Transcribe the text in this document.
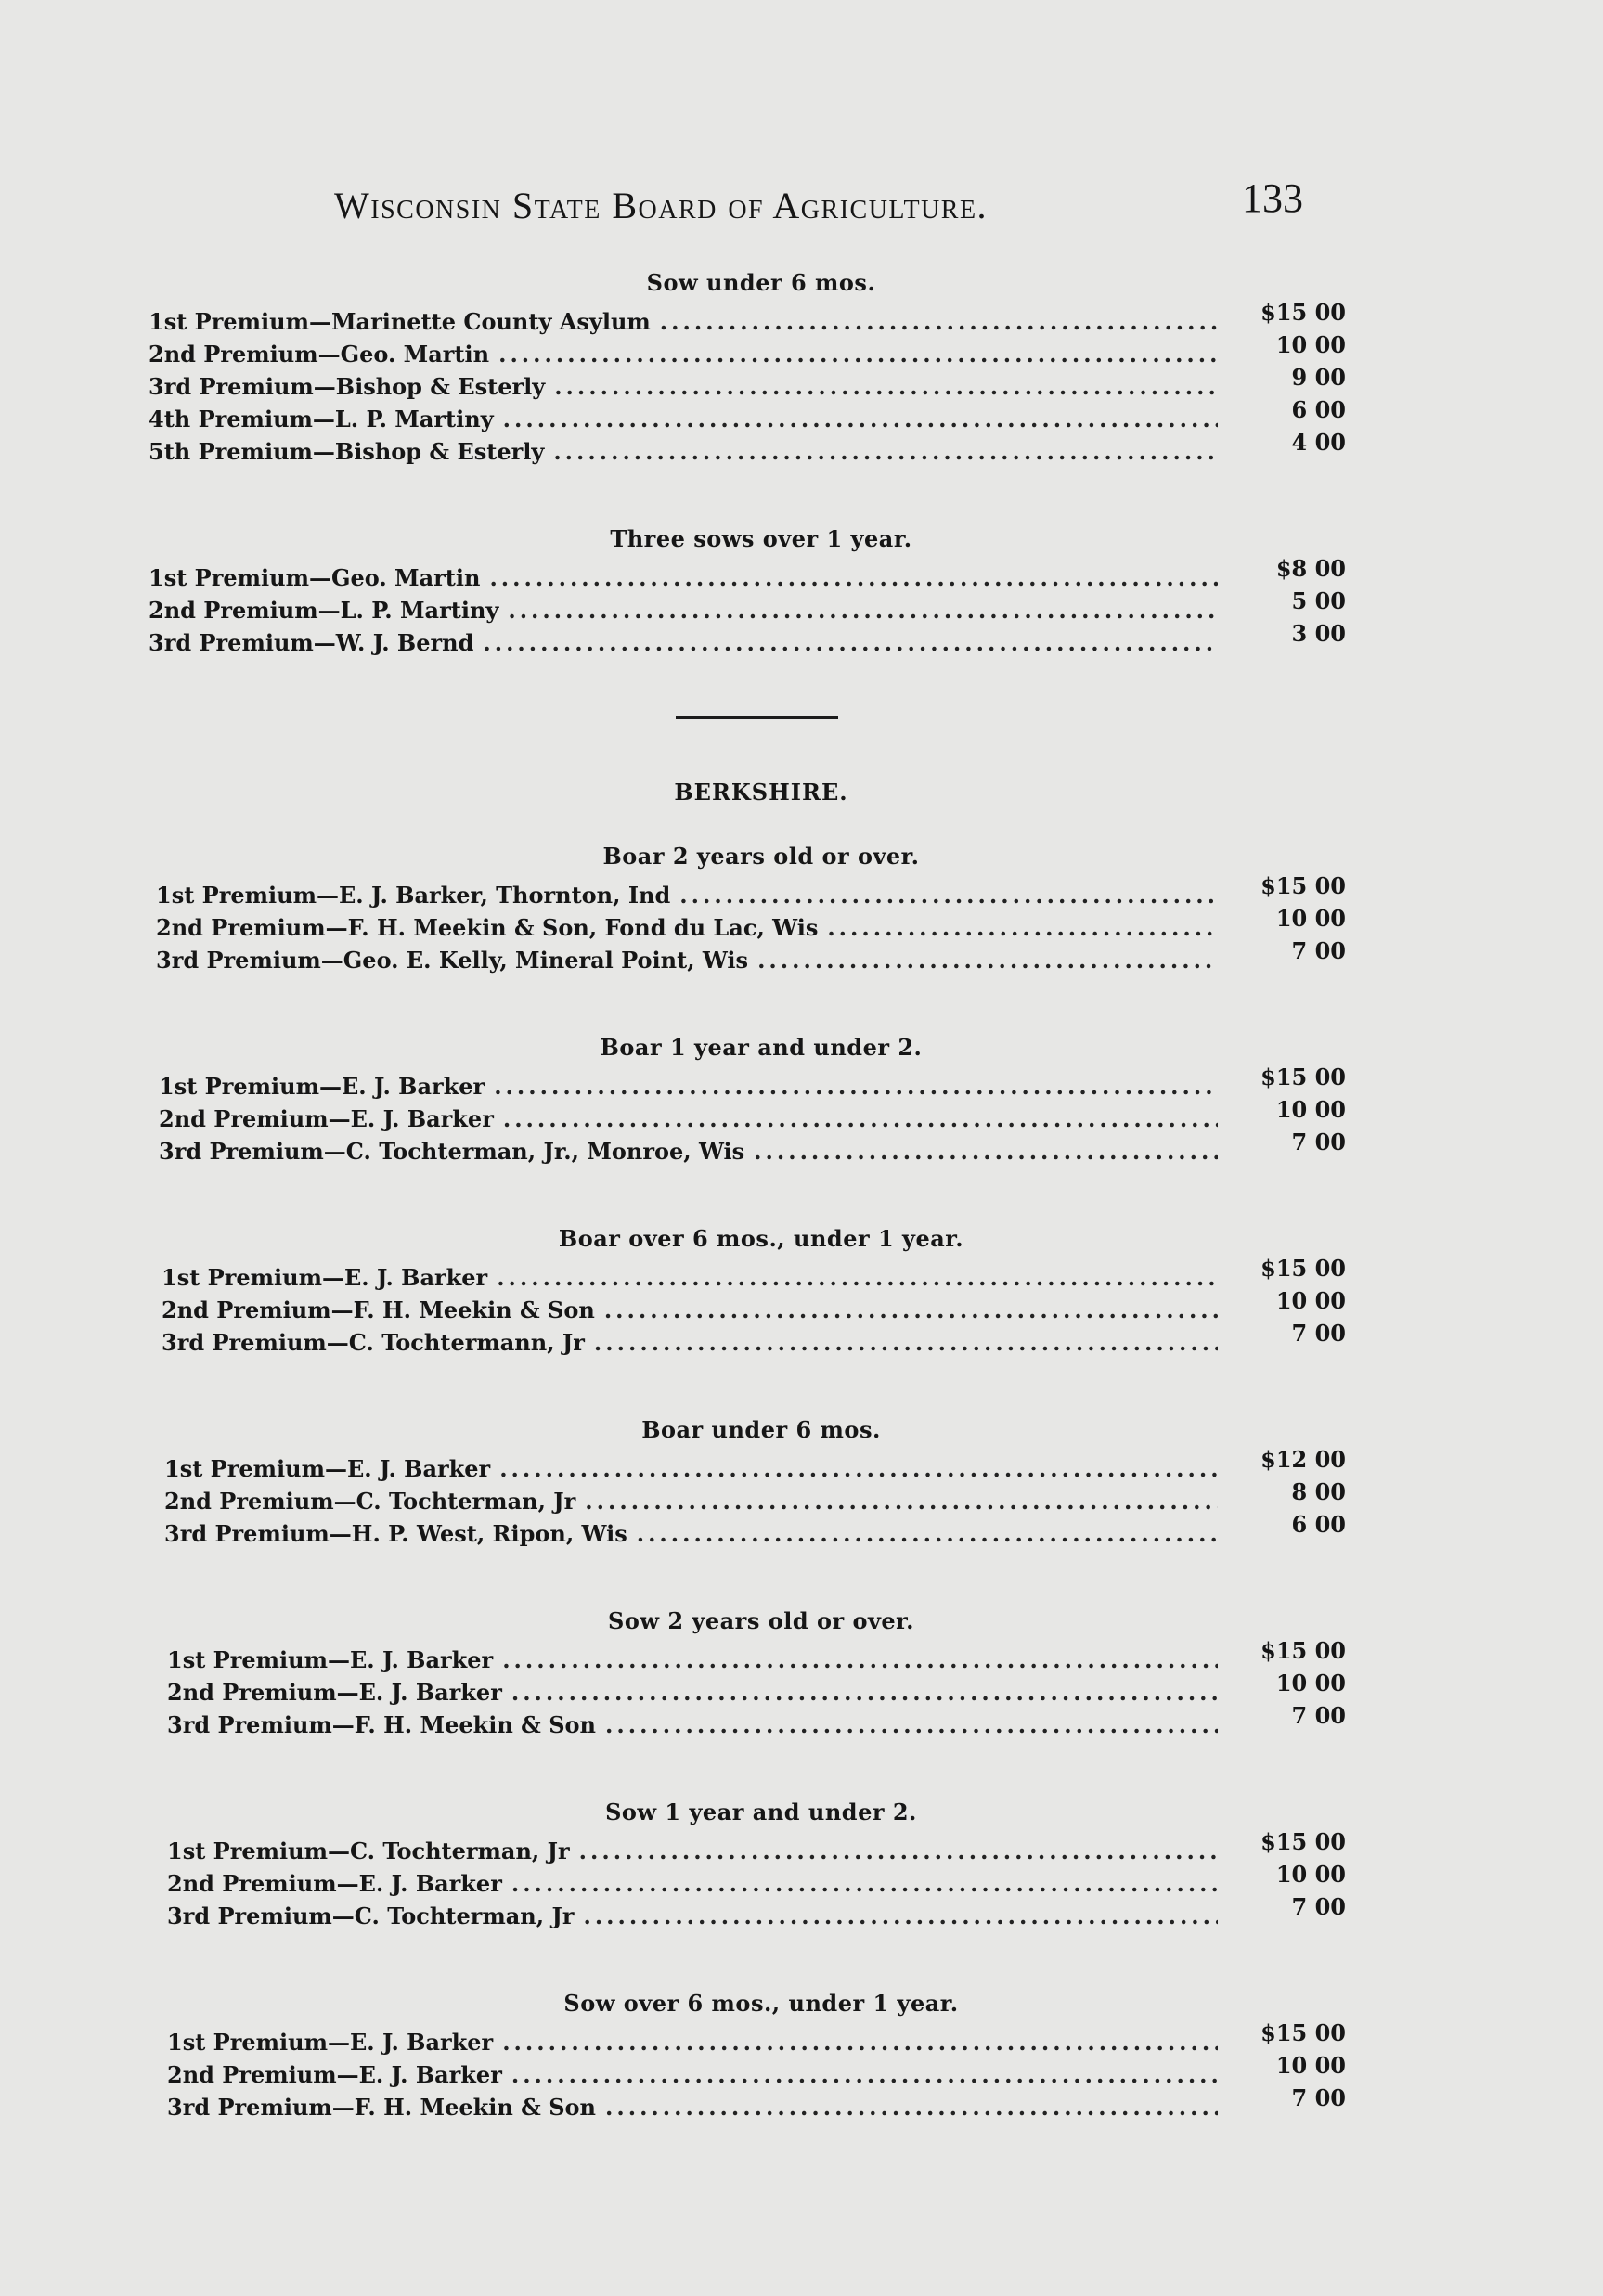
Wisconsin State Board of Agriculture.	133
Sow under 6 mos.
1st Premium— Marinette County Asylum .....	$15 00
2nd Premium— Geo. Martin .....	10 00
3rd Premium— Bishop & Esterly .....	9 00
4th Premium— L. P. Martiny .....	6 00
5th Premium— Bishop & Esterly .....	4 00
Three sows over 1 year.
1st Premium— Geo. Martin .....	$8 00
2nd Premium— L. P. Martiny .....	5 00
3rd Premium— W. J. Bernd .....	3 00
BERKSHIRE.
Boar 2 years old or over.
1st Premium— E. J. Barker, Thornton, Ind .....	$15 00
2nd Premium— F. H. Meekin & Son, Fond du Lac, Wis .....	10 00
3rd Premium— Geo. E. Kelly, Mineral Point, Wis .....	7 00
Boar 1 year and under 2.
1st Premium— E. J. Barker .....	$15 00
2nd Premium— E. J. Barker .....	10 00
3rd Premium— C. Tochterman, Jr., Monroe, Wis .....	7 00
Boar over 6 mos., under 1 year.
1st Premium— E. J. Barker .....	$15 00
2nd Premium— F. H. Meekin & Son .....	10 00
3rd Premium— C. Tochtermann, Jr .....	7 00
Boar under 6 mos.
1st Premium— E. J. Barker .....	$12 00
2nd Premium— C. Tochterman, Jr .....	8 00
3rd Premium— H. P. West, Ripon, Wis .....	6 00
Sow 2 years old or over.
1st Premium— E. J. Barker .....	$15 00
2nd Premium— E. J. Barker .....	10 00
3rd Premium— F. H. Meekin & Son .....	7 00
Sow 1 year and under 2.
1st Premium— C. Tochterman, Jr .....	$15 00
2nd Premium— E. J. Barker .....	10 00
3rd Premium— C. Tochterman, Jr .....	7 00
Sow over 6 mos., under 1 year.
1st Premium— E. J. Barker .....	$15 00
2nd Premium— E. J. Barker .....	10 00
3rd Premium— F. H. Meekin & Son .....	7 00
